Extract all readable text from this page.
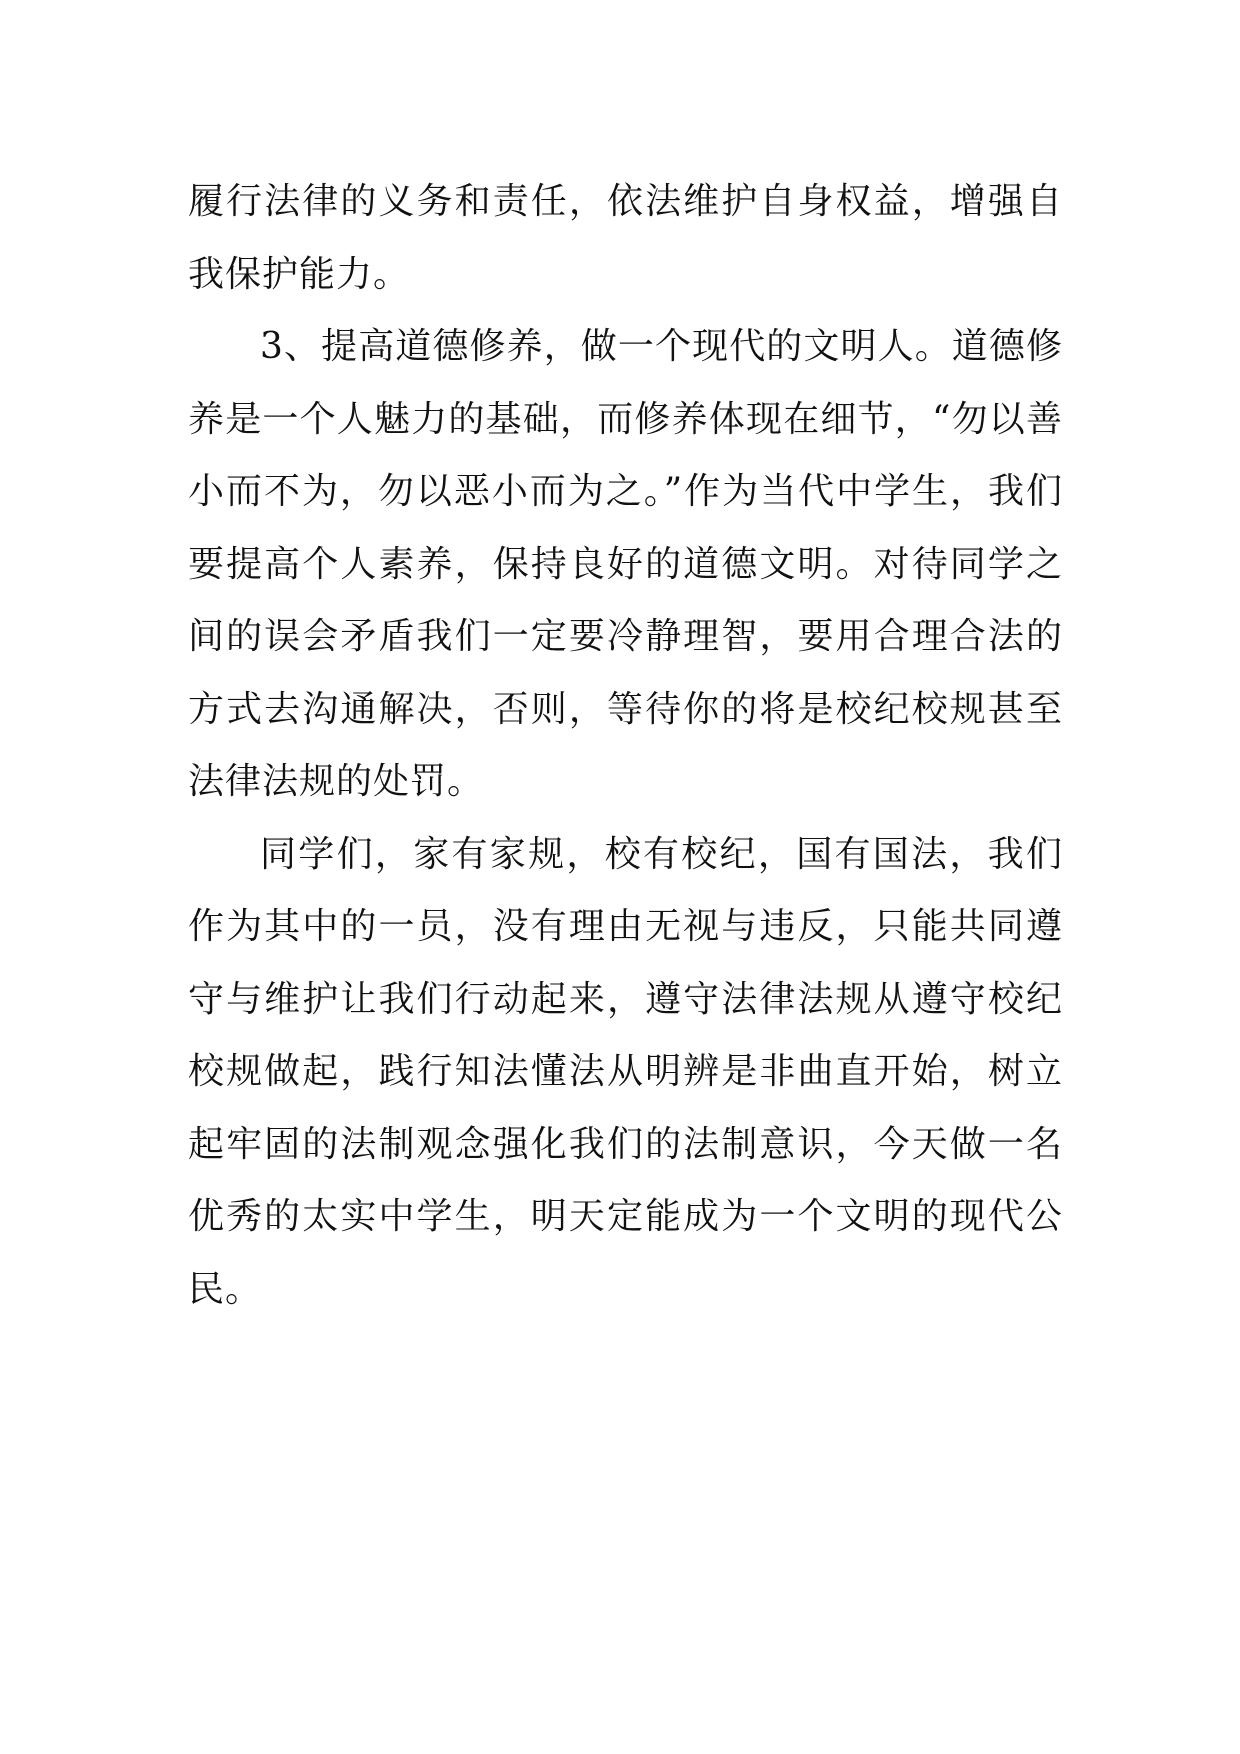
履行法律的义务和责任，依法维护自身权益，增强自我保护能力。

3、提高道德修养，做一个现代的文明人。道德修养是一个人魅力的基础，而修养体现在细节，“勿以善小而不为，勿以恶小而为之。”作为当代中学生，我们要提高个人素养，保持良好的道德文明。对待同学之间的误会矛盾我们一定要冷静理智，要用合理合法的方式去沟通解决，否则，等待你的将是校纪校规甚至法律法规的处罚。

同学们，家有家规，校有校纪，国有国法，我们作为其中的一员，没有理由无视与违反，只能共同遵守与维护让我们行动起来，遵守法律法规从遵守校纪校规做起，践行知法懂法从明辨是非曲直开始，树立起牢固的法制观念强化我们的法制意识，今天做一名优秀的太实中学生，明天定能成为一个文明的现代公民。
